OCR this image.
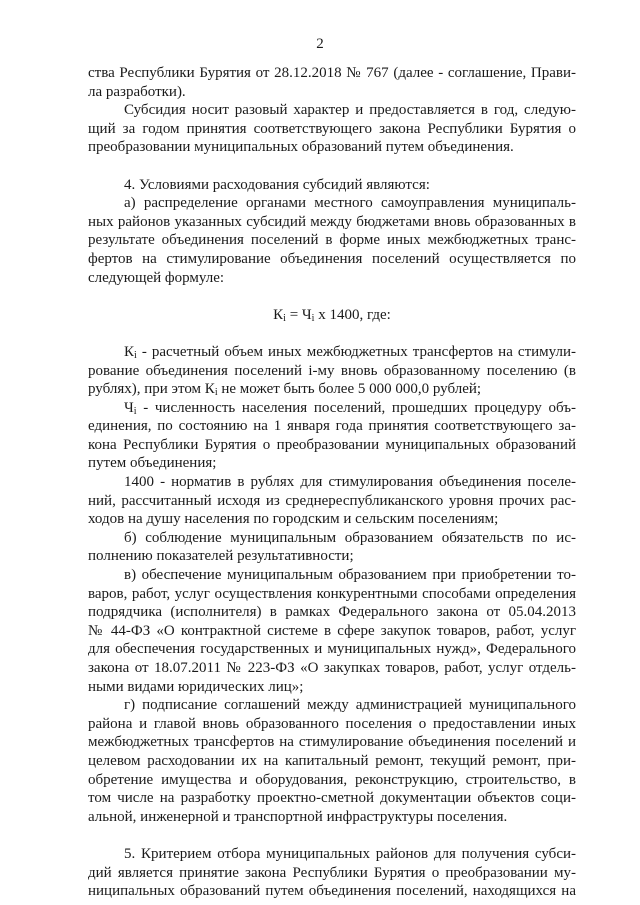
2
ства Республики Бурятия от 28.12.2018 № 767 (далее - соглашение, Прави-
ла разработки).
Субсидия носит разовый характер и предоставляется в год, следую-
щий за годом принятия соответствующего закона Республики Бурятия о
преобразовании муниципальных образований путем объединения.
4. Условиями расходования субсидий являются:
а) распределение органами местного самоуправления муниципаль-
ных районов указанных субсидий между бюджетами вновь образованных в
результате объединения поселений в форме иных межбюджетных транс-
фертов на стимулирование объединения поселений осуществляется по
следующей формуле:
$К_i = Ч_i$ х 1400, где:
$К_i$ - расчетный объем иных межбюджетных трансфертов на стимули-
рование объединения поселений i-му вновь образованному поселению (в
рублях), при этом $К_i$ не может быть более 5 000 000,0 рублей;
$Ч_i$ - численность населения поселений, прошедших процедуру объ-
единения, по состоянию на 1 января года принятия соответствующего за-
кона Республики Бурятия о преобразовании муниципальных образований
путем объединения;
1400 - норматив в рублях для стимулирования объединения поселе-
ний, рассчитанный исходя из среднереспубликанского уровня прочих рас-
ходов на душу населения по городским и сельским поселениям;
б) соблюдение муниципальным образованием обязательств по ис-
полнению показателей результативности;
в) обеспечение муниципальным образованием при приобретении то-
варов, работ, услуг осуществления конкурентными способами определения
подрядчика (исполнителя) в рамках Федерального закона от 05.04.2013
№ 44-ФЗ «О контрактной системе в сфере закупок товаров, работ, услуг
для обеспечения государственных и муниципальных нужд», Федерального
закона от 18.07.2011 № 223-ФЗ «О закупках товаров, работ, услуг отдель-
ными видами юридических лиц»;
г) подписание соглашений между администрацией муниципального
района и главой вновь образованного поселения о предоставлении иных
межбюджетных трансфертов на стимулирование объединения поселений и
целевом расходовании их на капитальный ремонт, текущий ремонт, при-
обретение имущества и оборудования, реконструкцию, строительство, в
том числе на разработку проектно-сметной документации объектов соци-
альной, инженерной и транспортной инфраструктуры поселения.
5. Критерием отбора муниципальных районов для получения субси-
дий является принятие закона Республики Бурятия о преобразовании му-
ниципальных образований путем объединения поселений, находящихся на
